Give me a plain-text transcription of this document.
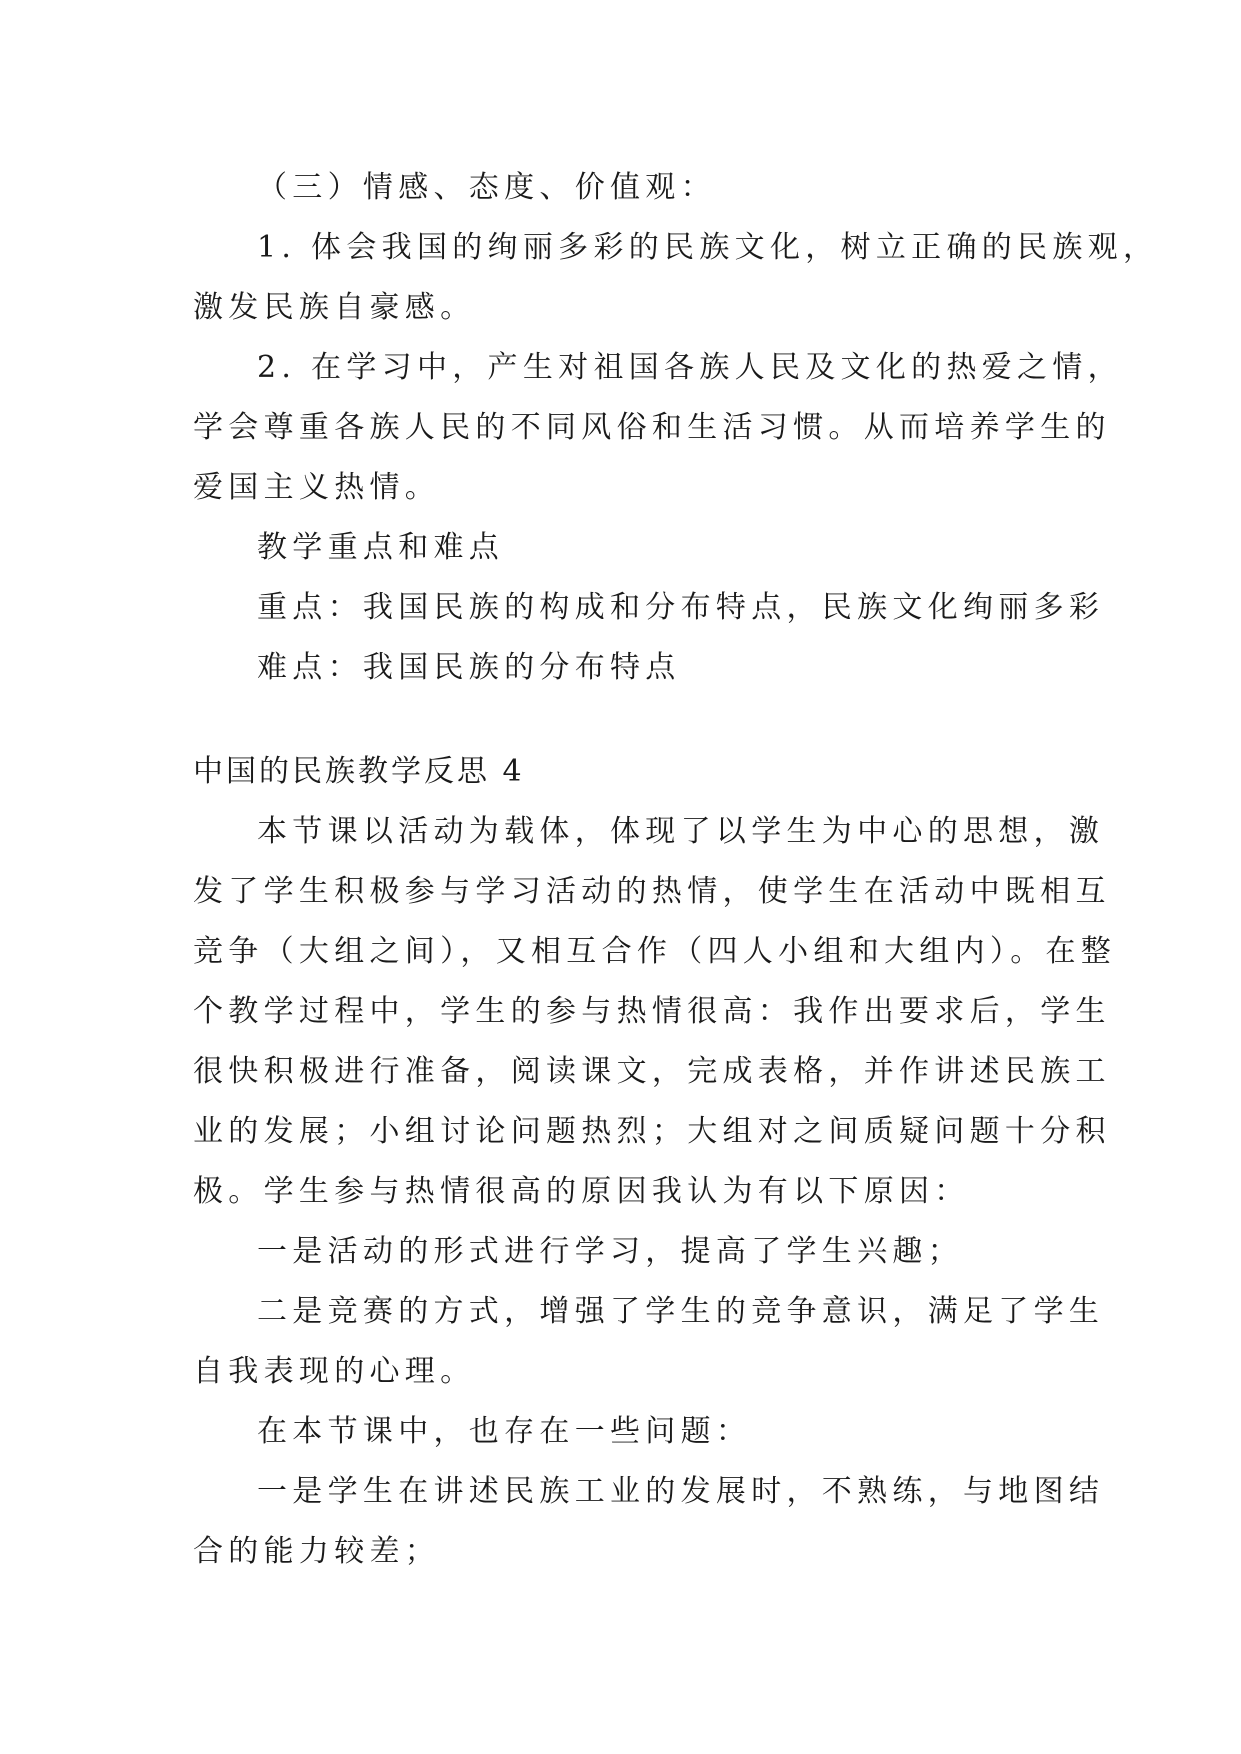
（三）情感、态度、价值观：
1. 体会我国的绚丽多彩的民族文化，树立正确的民族观，
激发民族自豪感。
2. 在学习中，产生对祖国各族人民及文化的热爱之情，
学会尊重各族人民的不同风俗和生活习惯。从而培养学生的
爱国主义热情。
教学重点和难点
重点：我国民族的构成和分布特点，民族文化绚丽多彩
难点：我国民族的分布特点
中国的民族教学反思 4
本节课以活动为载体，体现了以学生为中心的思想，激
发了学生积极参与学习活动的热情，使学生在活动中既相互
竞争（大组之间），又相互合作（四人小组和大组内）。在整
个教学过程中，学生的参与热情很高：我作出要求后，学生
很快积极进行准备，阅读课文，完成表格，并作讲述民族工
业的发展；小组讨论问题热烈；大组对之间质疑问题十分积
极。学生参与热情很高的原因我认为有以下原因：
一是活动的形式进行学习，提高了学生兴趣；
二是竞赛的方式，增强了学生的竞争意识，满足了学生
自我表现的心理。
在本节课中，也存在一些问题：
一是学生在讲述民族工业的发展时，不熟练，与地图结
合的能力较差；
